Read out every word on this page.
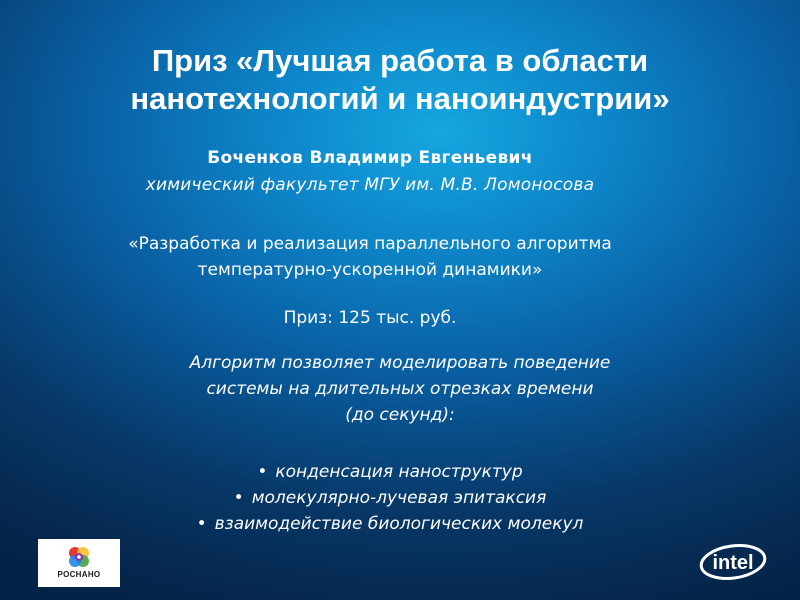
Приз «Лучшая работа в области
нанотехнологий и наноиндустрии»
Боченков Владимир Евгеньевич
химический факультет МГУ им. М.В. Ломоносова
«Разработка и реализация параллельного алгоритма
температурно-ускоренной динамики»
Приз: 125 тыс. руб.
Алгоритм позволяет моделировать поведение
системы на длительных отрезках времени
(до секунд):
• конденсация наноструктур
• молекулярно-лучевая эпитаксия
• взаимодействие биологических молекул
РОСНАНО
intel
